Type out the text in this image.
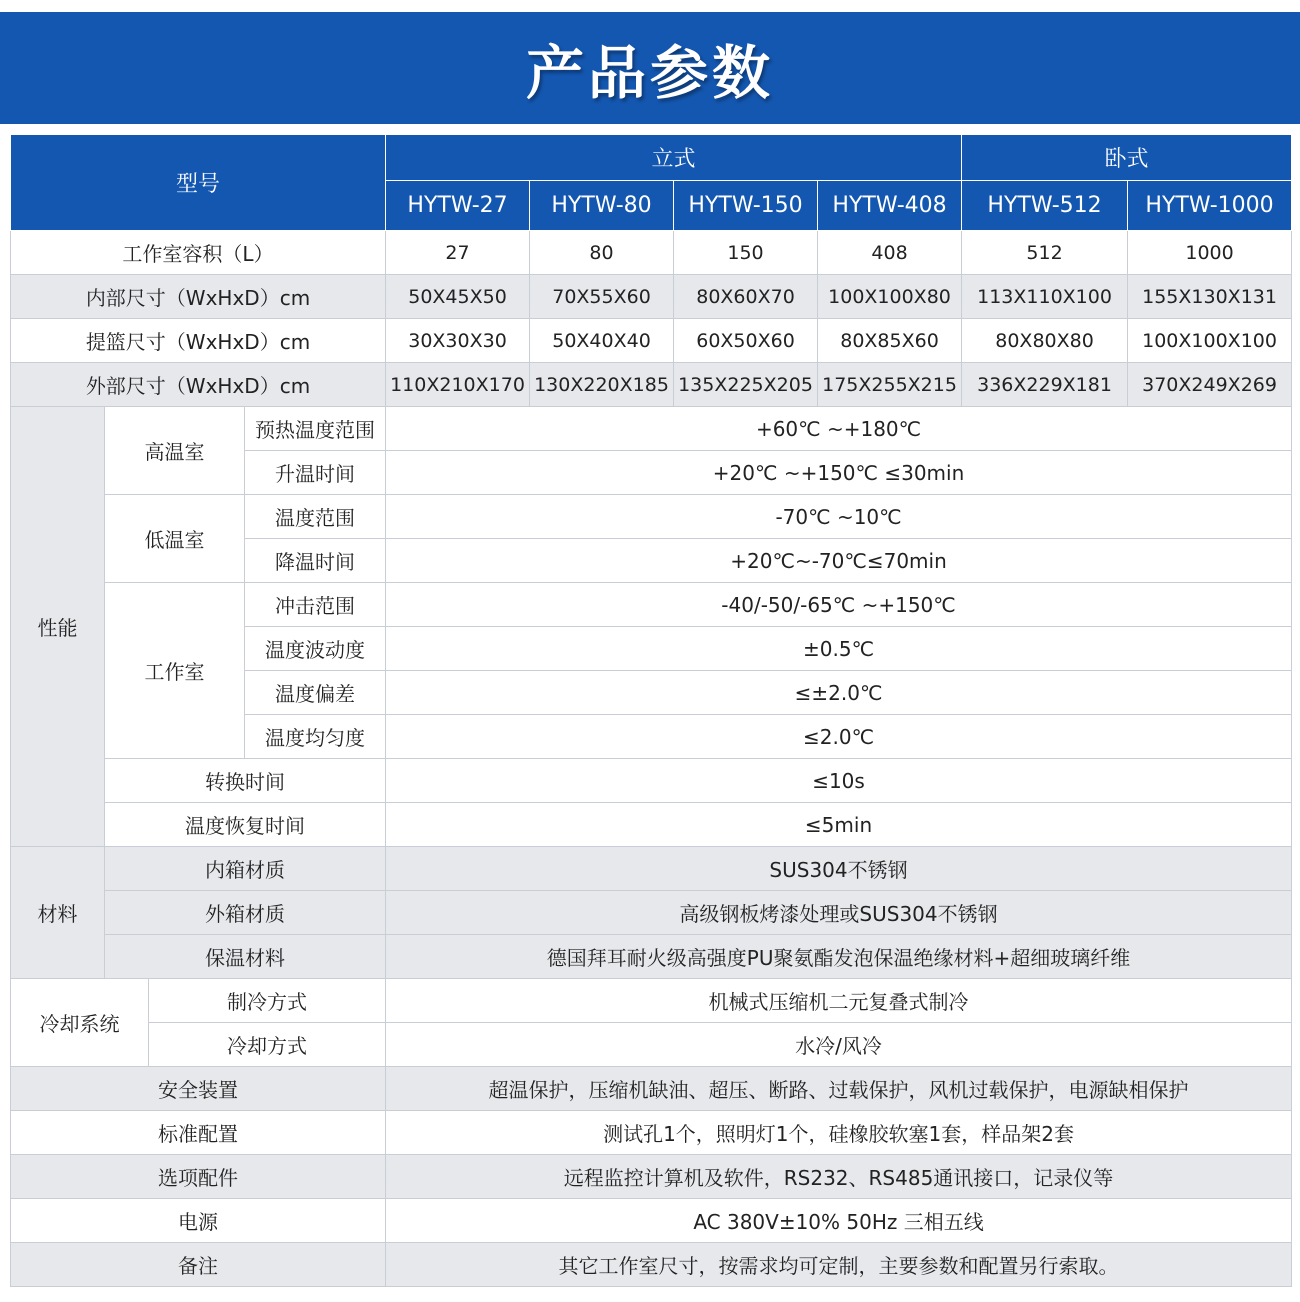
产品参数
型号				立式				卧式	
				HYTW-27	HYTW-80	HYTW-150	HYTW-408	HYTW-512	HYTW-1000
工作室容积（L）				27	80	150	408	512	1000
内部尺寸（WxHxD）cm				50X45X50	70X55X60	80X60X70	100X100X80	113X110X100	155X130X131
提篮尺寸（WxHxD）cm				30X30X30	50X40X40	60X50X60	80X85X60	80X80X80	100X100X100
外部尺寸（WxHxD）cm				110X210X170	130X220X185	135X225X205	175X255X215	336X229X181	370X249X269
性能	高温室		预热温度范围	+60℃ ~+180℃					
			升温时间	+20℃ ~+150℃ ≤30min					
	低温室		温度范围	-70℃ ~10℃					
			降温时间	+20℃~-70℃≤70min					
	工作室		冲击范围	-40/-50/-65℃ ~+150℃					
			温度波动度	±0.5℃					
			温度偏差	≤±2.0℃					
			温度均匀度	≤2.0℃					
	转换时间			≤10s					
	温度恢复时间			≤5min					
材料	内箱材质			SUS304不锈钢					
	外箱材质			高级钢板烤漆处理或SUS304不锈钢					
	保温材料			德国拜耳耐火级高强度PU聚氨酯发泡保温绝缘材料+超细玻璃纤维					
冷却系统		制冷方式		机械式压缩机二元复叠式制冷					
		冷却方式		水冷/风冷					
安全装置				超温保护，压缩机缺油、超压、断路、过载保护，风机过载保护，电源缺相保护					
标准配置				测试孔1个，照明灯1个，硅橡胶软塞1套，样品架2套					
选项配件				远程监控计算机及软件，RS232、RS485通讯接口，记录仪等					
电源				AC 380V±10% 50Hz 三相五线					
备注				其它工作室尺寸，按需求均可定制，主要参数和配置另行索取。					
